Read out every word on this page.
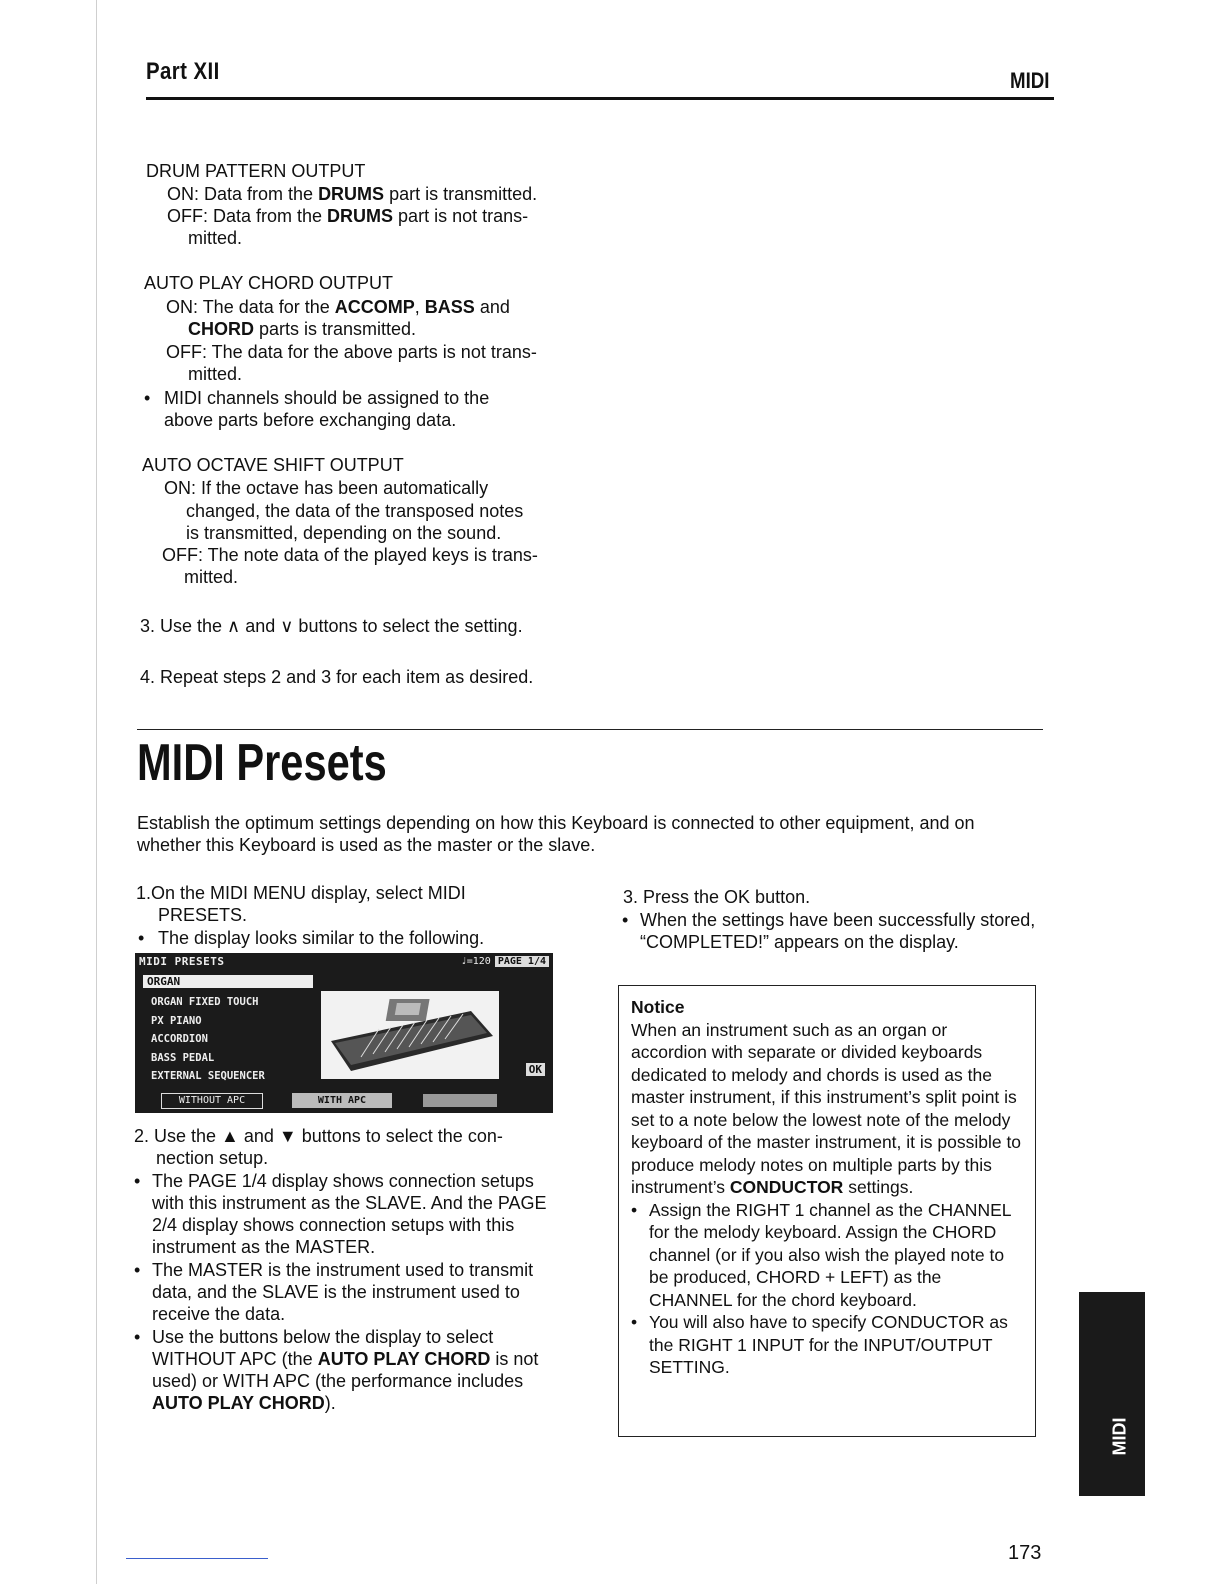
Part XII	MIDI
DRUM PATTERN OUTPUT
ON: Data from the DRUMS part is transmitted.
OFF: Data from the DRUMS part is not trans-
mitted.
AUTO PLAY CHORD OUTPUT
ON: The data for the ACCOMP, BASS and
CHORD parts is transmitted.
OFF: The data for the above parts is not trans-
mitted.
• MIDI channels should be assigned to the
above parts before exchanging data.
AUTO OCTAVE SHIFT OUTPUT
ON: If the octave has been automatically
changed, the data of the transposed notes
is transmitted, depending on the sound.
OFF: The note data of the played keys is trans-
mitted.
3. Use the ∧ and ∨ buttons to select the setting.
4. Repeat steps 2 and 3 for each item as desired.
MIDI Presets
Establish the optimum settings depending on how this Keyboard is connected to other equipment, and on whether this Keyboard is used as the master or the slave.
1.On the MIDI MENU display, select MIDI
PRESETS.
• The display looks similar to the following.
MIDI PRESETS	♩=120 PAGE 1/4
ORGAN
ORGAN FIXED TOUCH
PX PIANO
ACCORDION
BASS PEDAL
EXTERNAL SEQUENCER	OK
WITHOUT APC	WITH APC
2. Use the ▲ and ▼ buttons to select the con-
nection setup.
• The PAGE 1/4 display shows connection setups with this instrument as the SLAVE. And the PAGE 2/4 display shows connection setups with this instrument as the MASTER.
• The MASTER is the instrument used to transmit data, and the SLAVE is the instrument used to receive the data.
• Use the buttons below the display to select WITHOUT APC (the AUTO PLAY CHORD is not used) or WITH APC (the performance includes AUTO PLAY CHORD).
3. Press the OK button.
• When the settings have been successfully stored, “COMPLETED!” appears on the display.
Notice
When an instrument such as an organ or accordion with separate or divided keyboards dedicated to melody and chords is used as the master instrument, if this instrument’s split point is set to a note below the lowest note of the melody keyboard of the master instrument, it is possible to produce melody notes on multiple parts by this instrument’s CONDUCTOR settings.
• Assign the RIGHT 1 channel as the CHANNEL for the melody keyboard. Assign the CHORD channel (or if you also wish the played note to be produced, CHORD + LEFT) as the CHANNEL for the chord keyboard.
• You will also have to specify CONDUCTOR as the RIGHT 1 INPUT for the INPUT/OUTPUT SETTING.
MIDI
173
